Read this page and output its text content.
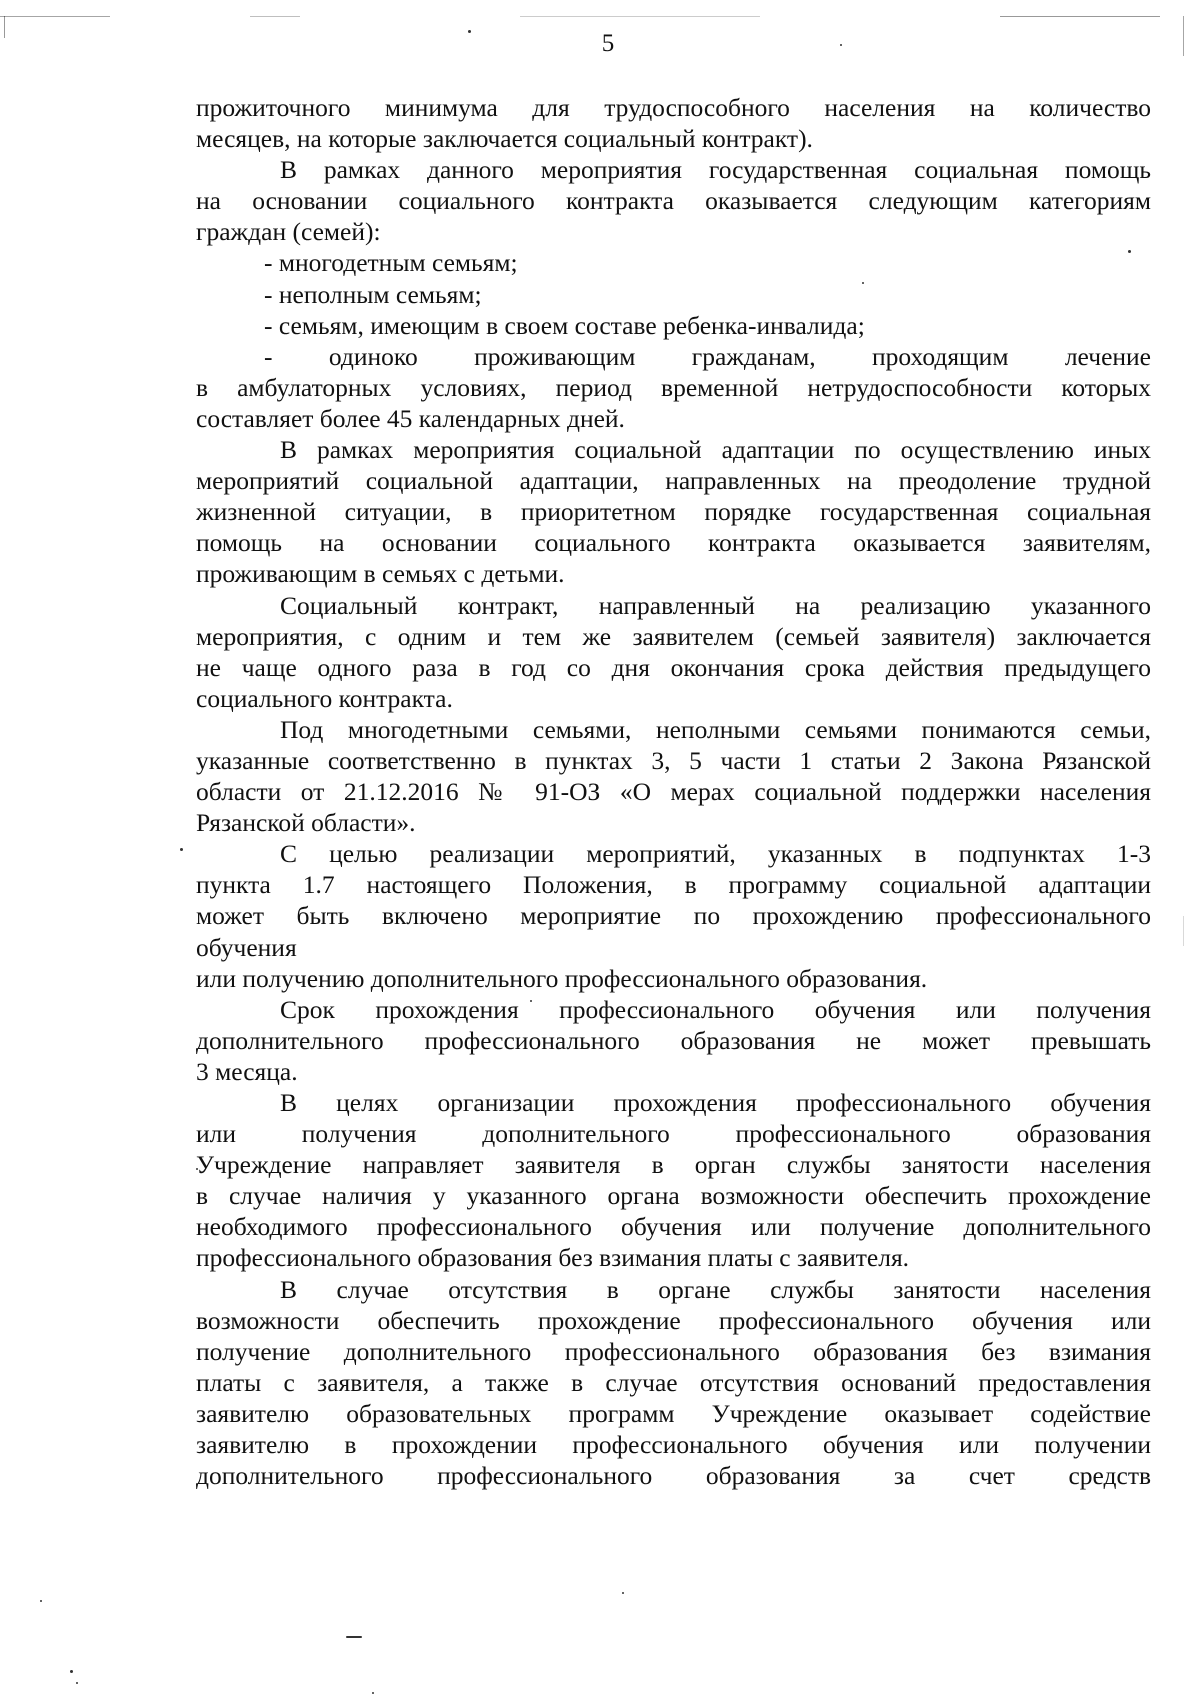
5
прожиточного минимума для трудоспособного населения на количество
месяцев, на которые заключается социальный контракт).
В рамках данного мероприятия государственная социальная помощь
на основании социального контракта оказывается следующим категориям
граждан (семей):
- многодетным семьям;
- неполным семьям;
- семьям, имеющим в своем составе ребенка-инвалида;
- одиноко проживающим гражданам, проходящим лечение
в амбулаторных условиях, период временной нетрудоспособности которых
составляет более 45 календарных дней.
В рамках мероприятия социальной адаптации по осуществлению иных
мероприятий социальной адаптации, направленных на преодоление трудной
жизненной ситуации, в приоритетном порядке государственная социальная
помощь на основании социального контракта оказывается заявителям,
проживающим в семьях с детьми.
Социальный контракт, направленный на реализацию указанного
мероприятия, с одним и тем же заявителем (семьей заявителя) заключается
не чаще одного раза в год со дня окончания срока действия предыдущего
социального контракта.
Под многодетными семьями, неполными семьями понимаются семьи,
указанные соответственно в пунктах 3, 5 части 1 статьи 2 Закона Рязанской
области от 21.12.2016 № 91-ОЗ «О мерах социальной поддержки населения
Рязанской области».
С целью реализации мероприятий, указанных в подпунктах 1-3
пункта 1.7 настоящего Положения, в программу социальной адаптации
может быть включено мероприятие по прохождению профессионального
обучения
или получению дополнительного профессионального образования.
Срок прохождения профессионального обучения или получения
дополнительного профессионального образования не может превышать
3 месяца.
В целях организации прохождения профессионального обучения
или получения дополнительного профессионального образования
Учреждение направляет заявителя в орган службы занятости населения
в случае наличия у указанного органа возможности обеспечить прохождение
необходимого профессионального обучения или получение дополнительного
профессионального образования без взимания платы с заявителя.
В случае отсутствия в органе службы занятости населения
возможности обеспечить прохождение профессионального обучения или
получение дополнительного профессионального образования без взимания
платы с заявителя, а также в случае отсутствия оснований предоставления
заявителю образовательных программ Учреждение оказывает содействие
заявителю в прохождении профессионального обучения или получении
дополнительного профессионального образования за счет средств
